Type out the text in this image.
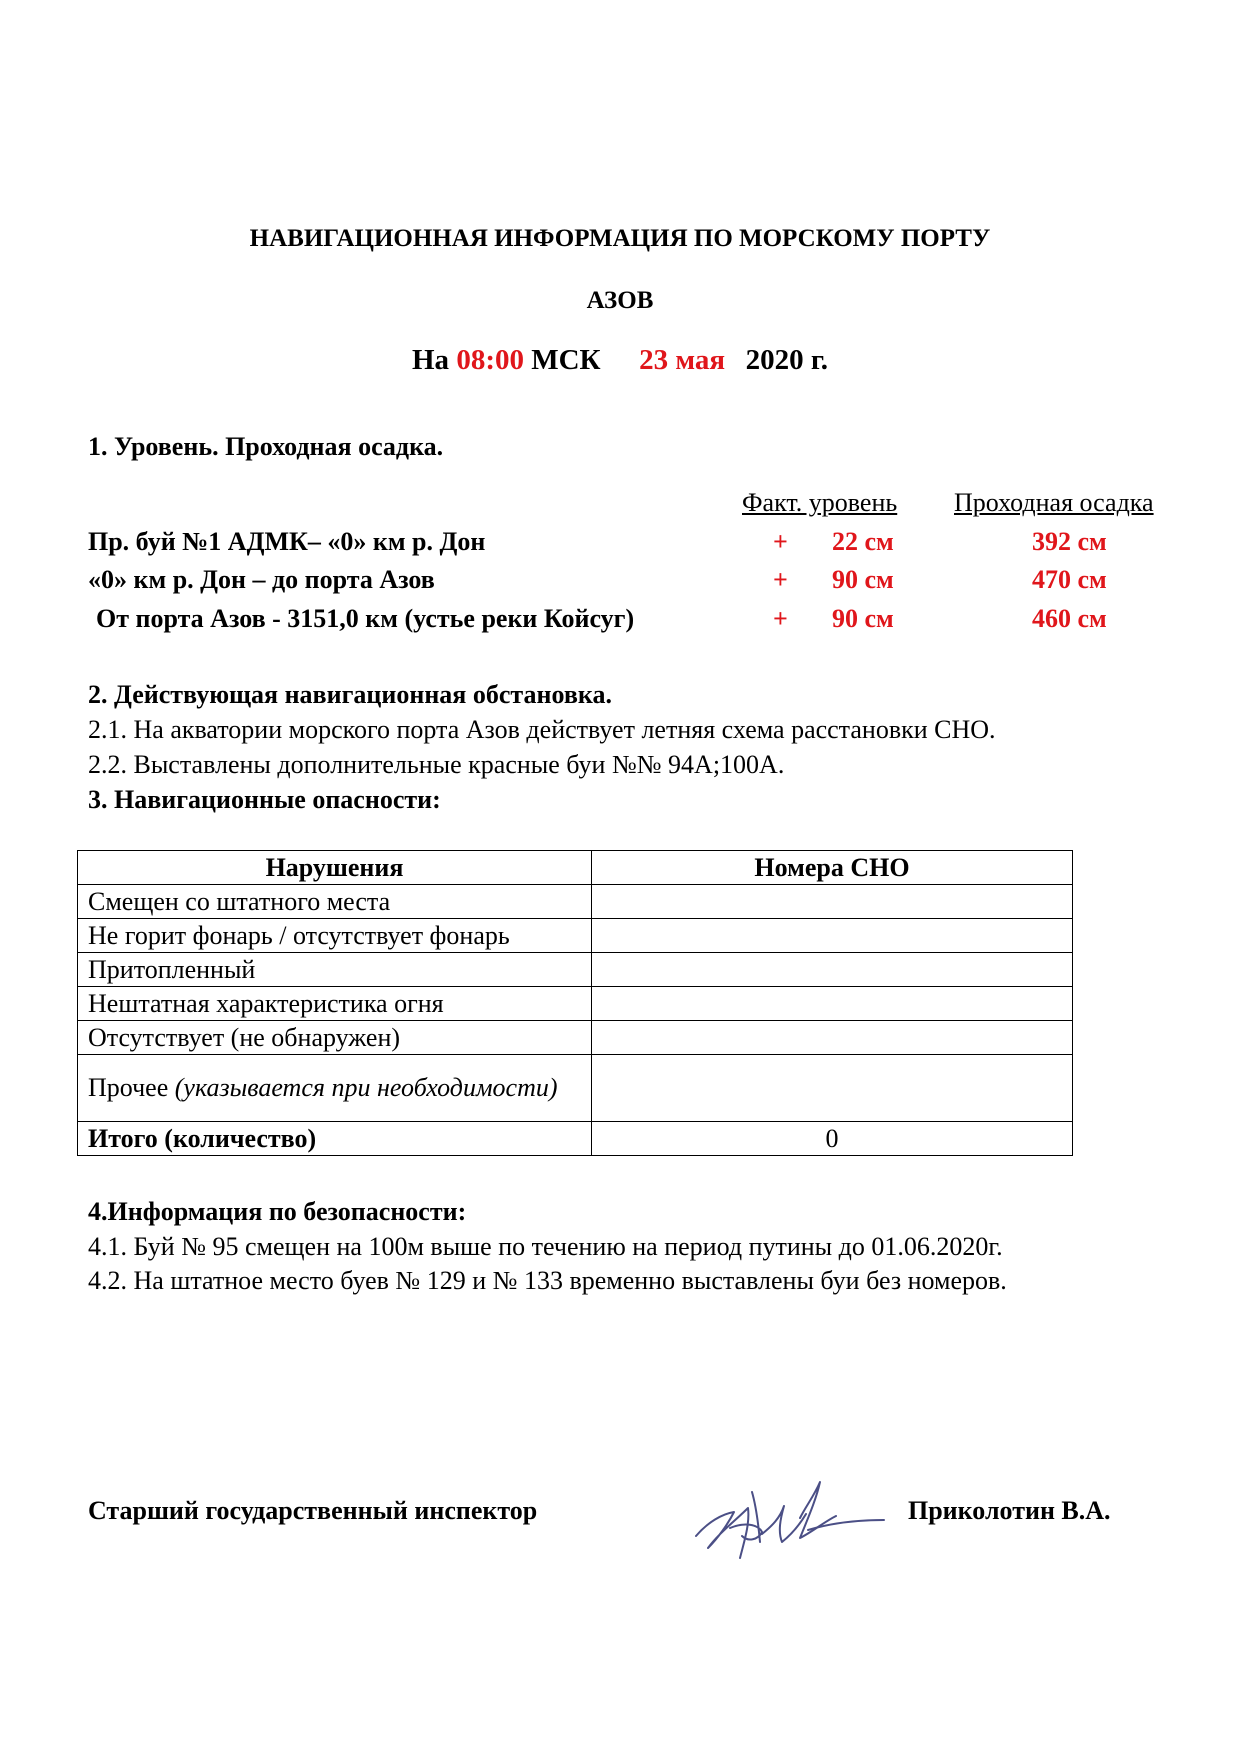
НАВИГАЦИОННАЯ ИНФОРМАЦИЯ ПО МОРСКОМУ ПОРТУ
АЗОВ
На 08:00 МСК 23 мая 2020 г.
1. Уровень. Проходная осадка.
Факт. уровень Проходная осадка
Пр. буй №1 АДМК– «0» км р. Дон	+ 22 см	392 см
«0» км р. Дон – до порта Азов	+ 90 см	470 см
От порта Азов - 3151,0 км (устье реки Койсуг)	+ 90 см	460 см
2. Действующая навигационная обстановка.
2.1. На акватории морского порта Азов действует летняя схема расстановки СНО.
2.2. Выставлены дополнительные красные буи №№ 94А;100А.
3. Навигационные опасности:
Нарушения	Номера СНО
Смещен со штатного места	
Не горит фонарь / отсутствует фонарь	
Притопленный	
Нештатная характеристика огня	
Отсутствует (не обнаружен)	
Прочее (указывается при необходимости)	
Итого (количество)	0
4.Информация по безопасности:
4.1. Буй № 95 смещен на 100м выше по течению на период путины до 01.06.2020г.
4.2. На штатное место буев № 129 и № 133 временно выставлены буи без номеров.
Старший государственный инспектор	Приколотин В.А.
